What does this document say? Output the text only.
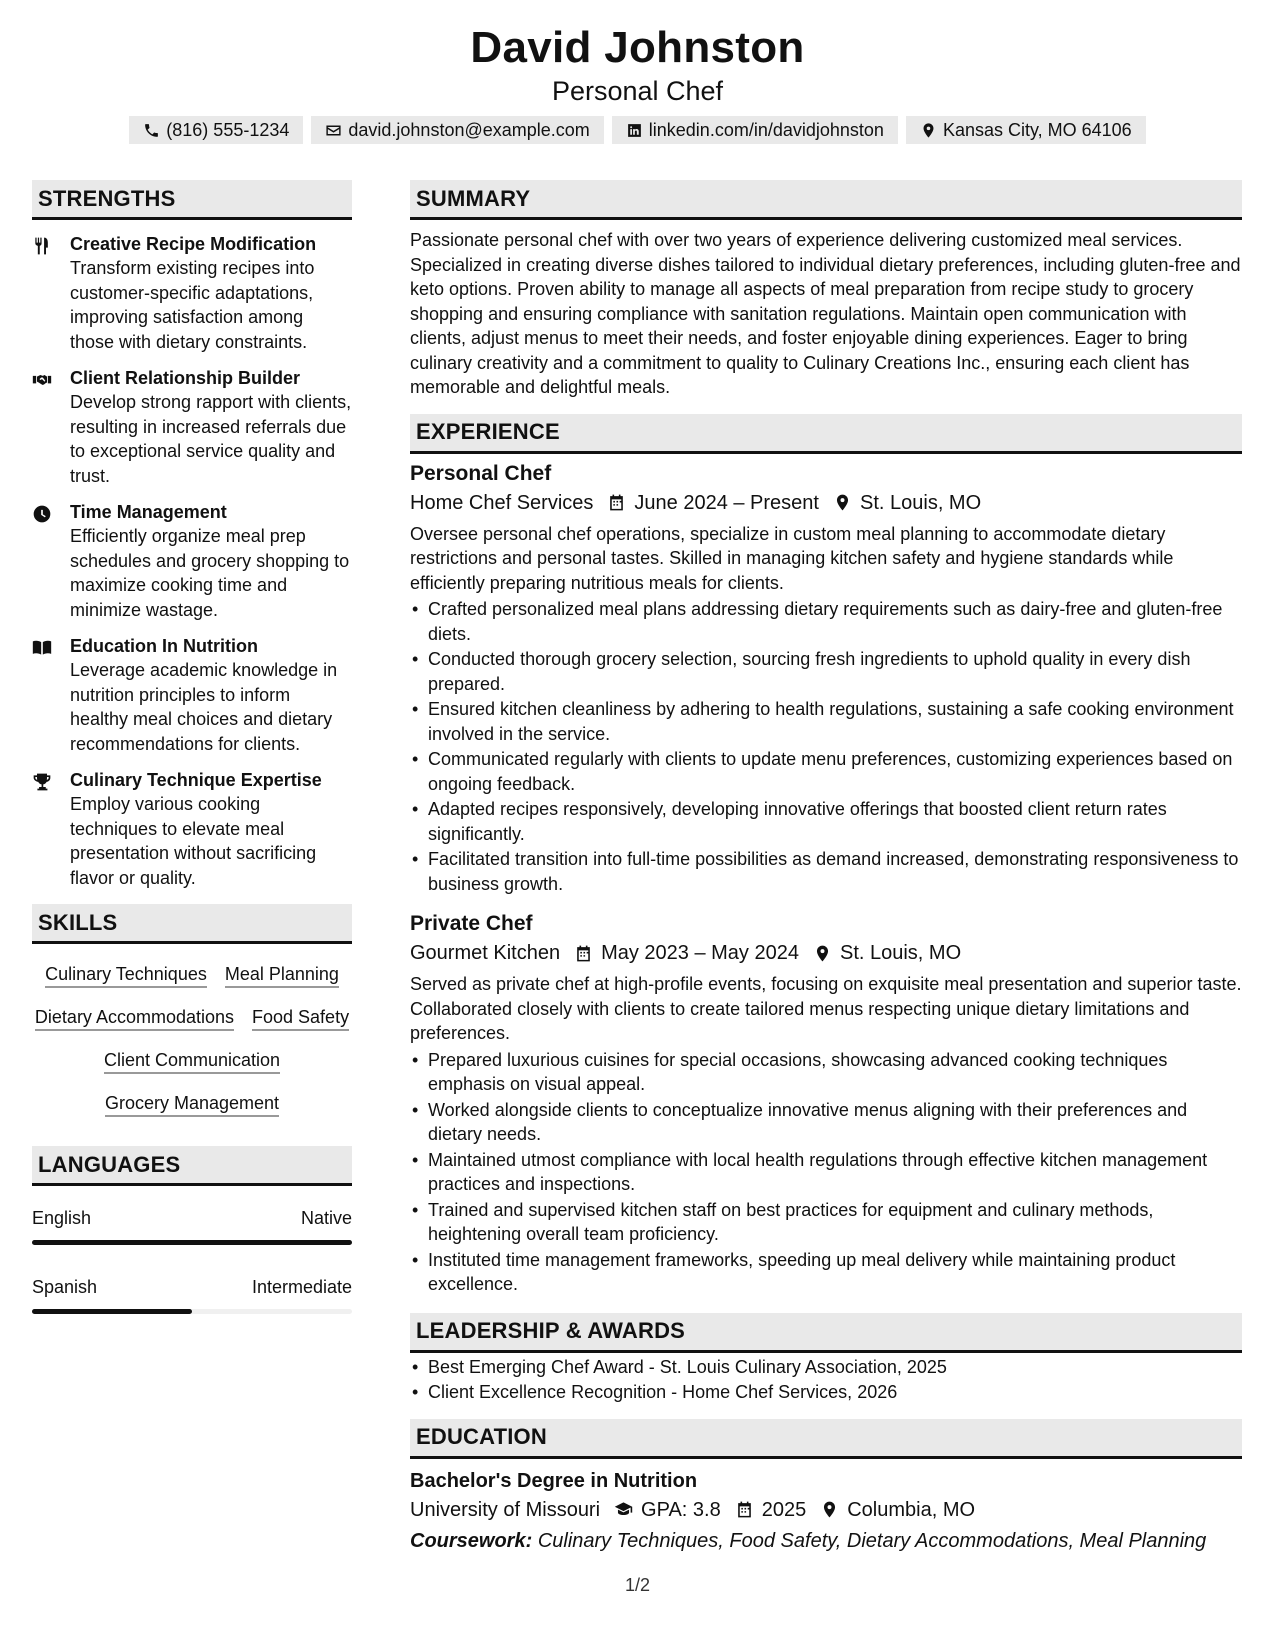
David Johnston
Personal Chef
(816) 555-1234	david.johnston@example.com	linkedin.com/in/davidjohnston	Kansas City, MO 64106
STRENGTHS
Creative Recipe Modification
Transform existing recipes into customer-specific adaptations, improving satisfaction among those with dietary constraints.
Client Relationship Builder
Develop strong rapport with clients, resulting in increased referrals due to exceptional service quality and trust.
Time Management
Efficiently organize meal prep schedules and grocery shopping to maximize cooking time and minimize wastage.
Education In Nutrition
Leverage academic knowledge in nutrition principles to inform healthy meal choices and dietary recommendations for clients.
Culinary Technique Expertise
Employ various cooking techniques to elevate meal presentation without sacrificing flavor or quality.
SKILLS
Culinary Techniques Meal Planning
Dietary Accommodations Food Safety
Client Communication
Grocery Management
LANGUAGES
English	Native
Spanish	Intermediate
SUMMARY
Passionate personal chef with over two years of experience delivering customized meal services. Specialized in creating diverse dishes tailored to individual dietary preferences, including gluten-free and keto options. Proven ability to manage all aspects of meal preparation from recipe study to grocery shopping and ensuring compliance with sanitation regulations. Maintain open communication with clients, adjust menus to meet their needs, and foster enjoyable dining experiences. Eager to bring culinary creativity and a commitment to quality to Culinary Creations Inc., ensuring each client has memorable and delightful meals.
EXPERIENCE
Personal Chef
Home Chef Services June 2024 – Present St. Louis, MO
Oversee personal chef operations, specialize in custom meal planning to accommodate dietary restrictions and personal tastes. Skilled in managing kitchen safety and hygiene standards while efficiently preparing nutritious meals for clients.
• Crafted personalized meal plans addressing dietary requirements such as dairy-free and gluten-free diets.
• Conducted thorough grocery selection, sourcing fresh ingredients to uphold quality in every dish prepared.
• Ensured kitchen cleanliness by adhering to health regulations, sustaining a safe cooking environment involved in the service.
• Communicated regularly with clients to update menu preferences, customizing experiences based on ongoing feedback.
• Adapted recipes responsively, developing innovative offerings that boosted client return rates significantly.
• Facilitated transition into full-time possibilities as demand increased, demonstrating responsiveness to business growth.
Private Chef
Gourmet Kitchen May 2023 – May 2024 St. Louis, MO
Served as private chef at high-profile events, focusing on exquisite meal presentation and superior taste. Collaborated closely with clients to create tailored menus respecting unique dietary limitations and preferences.
• Prepared luxurious cuisines for special occasions, showcasing advanced cooking techniques emphasis on visual appeal.
• Worked alongside clients to conceptualize innovative menus aligning with their preferences and dietary needs.
• Maintained utmost compliance with local health regulations through effective kitchen management practices and inspections.
• Trained and supervised kitchen staff on best practices for equipment and culinary methods, heightening overall team proficiency.
• Instituted time management frameworks, speeding up meal delivery while maintaining product excellence.
LEADERSHIP & AWARDS
• Best Emerging Chef Award - St. Louis Culinary Association, 2025
• Client Excellence Recognition - Home Chef Services, 2026
EDUCATION
Bachelor's Degree in Nutrition
University of Missouri GPA: 3.8 2025 Columbia, MO
Coursework: Culinary Techniques, Food Safety, Dietary Accommodations, Meal Planning
1/2
